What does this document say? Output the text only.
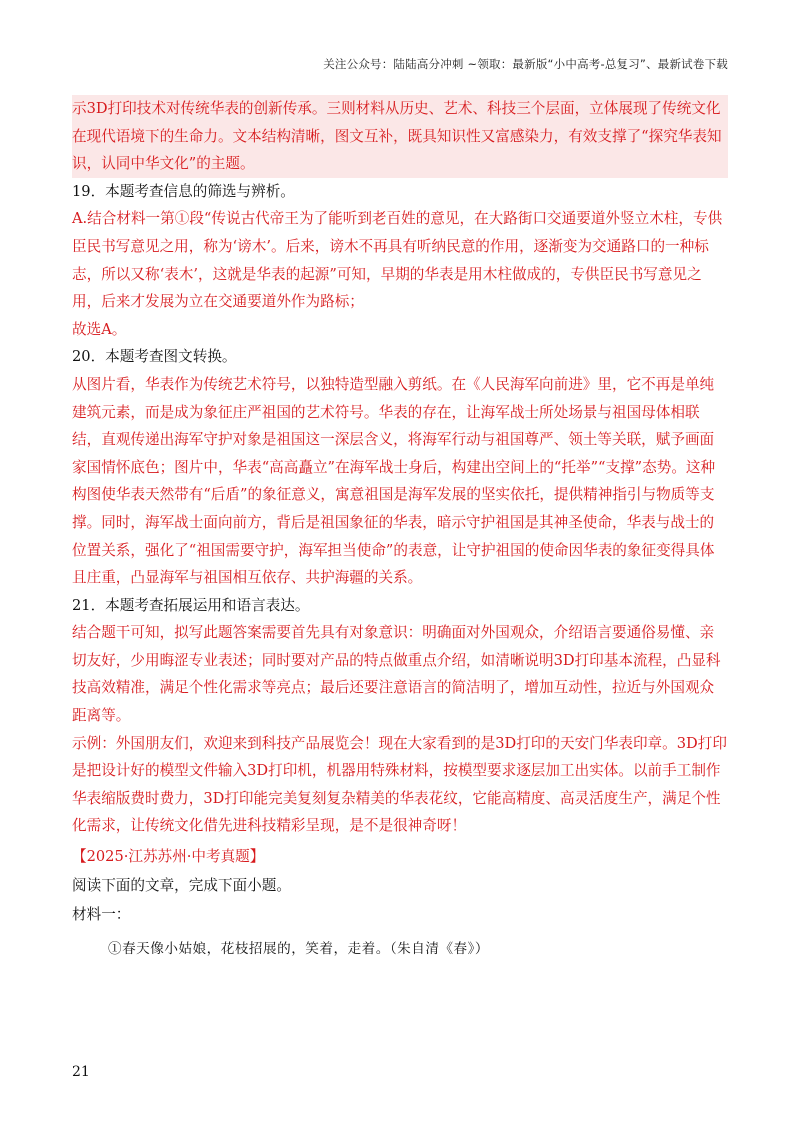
关注公众号：陆陆高分冲刺 ~领取：最新版“小中高考-总复习”、最新试卷下载
示3D打印技术对传统华表的创新传承。三则材料从历史、艺术、科技三个层面，立体展现了传统文化在现代语境下的生命力。文本结构清晰，图文互补，既具知识性又富感染力，有效支撑了“探究华表知识，认同中华文化”的主题。
19．本题考查信息的筛选与辨析。
A.结合材料一第①段“传说古代帝王为了能听到老百姓的意见，在大路街口交通要道外竖立木柱，专供臣民书写意见之用，称为‘谤木’。后来，谤木不再具有听纳民意的作用，逐渐变为交通路口的一种标志，所以又称‘表木’，这就是华表的起源”可知，早期的华表是用木柱做成的，专供臣民书写意见之用，后来才发展为立在交通要道外作为路标；
故选A。
20．本题考查图文转换。
从图片看，华表作为传统艺术符号，以独特造型融入剪纸。在《人民海军向前进》里，它不再是单纯建筑元素，而是成为象征庄严祖国的艺术符号。华表的存在，让海军战士所处场景与祖国母体相联结，直观传递出海军守护对象是祖国这一深层含义，将海军行动与祖国尊严、领土等关联，赋予画面家国情怀底色；图片中，华表“高高矗立”在海军战士身后，构建出空间上的“托举”“支撑”态势。这种构图使华表天然带有“后盾”的象征意义，寓意祖国是海军发展的坚实依托，提供精神指引与物质等支撑。同时，海军战士面向前方，背后是祖国象征的华表，暗示守护祖国是其神圣使命，华表与战士的位置关系，强化了“祖国需要守护，海军担当使命”的表意，让守护祖国的使命因华表的象征变得具体且庄重，凸显海军与祖国相互依存、共护海疆的关系。
21．本题考查拓展运用和语言表达。
结合题干可知，拟写此题答案需要首先具有对象意识：明确面对外国观众，介绍语言要通俗易懂、亲切友好，少用晦涩专业表述；同时要对产品的特点做重点介绍，如清晰说明3D打印基本流程，凸显科技高效精准，满足个性化需求等亮点；最后还要注意语言的简洁明了，增加互动性，拉近与外国观众距离等。
示例：外国朋友们，欢迎来到科技产品展览会！现在大家看到的是3D打印的天安门华表印章。3D打印是把设计好的模型文件输入3D打印机，机器用特殊材料，按模型要求逐层加工出实体。以前手工制作华表缩版费时费力，3D打印能完美复刻复杂精美的华表花纹，它能高精度、高灵活度生产，满足个性化需求，让传统文化借先进科技精彩呈现，是不是很神奇呀！
【2025·江苏苏州·中考真题】
阅读下面的文章，完成下面小题。
材料一：
①春天像小姑娘，花枝招展的，笑着，走着。（朱自清《春》）
21
